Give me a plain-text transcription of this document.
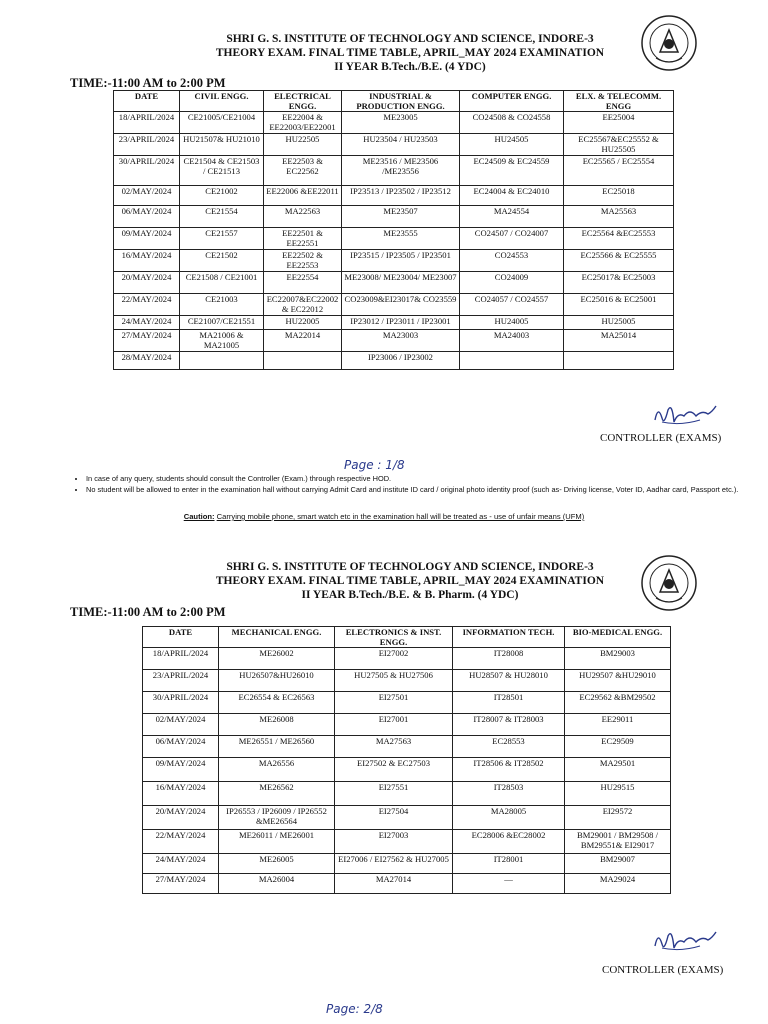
SHRI G. S. INSTITUTE OF TECHNOLOGY AND SCIENCE, INDORE-3
THEORY EXAM. FINAL TIME TABLE, APRIL_MAY 2024 EXAMINATION
II YEAR B.Tech./B.E. (4 YDC)
TIME:-11:00 AM to 2:00 PM
DATE	CIVIL ENGG.	ELECTRICAL ENGG.	INDUSTRIAL & PRODUCTION ENGG.	COMPUTER ENGG.	ELX. & TELECOMM. ENGG
18/APRIL/2024	CE21005/CE21004	EE22004 & EE22003/EE22001	ME23005	CO24508 & CO24558	EE25004
23/APRIL/2024	HU21507& HU21010	HU22505	HU23504 / HU23503	HU24505	EC25567&EC25552 & HU25505
30/APRIL/2024	CE21504 & CE21503 / CE21513	EE22503 & EC22562	ME23516 / ME23506 /ME23556	EC24509 & EC24559	EC25565 / EC25554
02/MAY/2024	CE21002	EE22006 &EE22011	IP23513 / IP23502 / IP23512	EC24004 & EC24010	EC25018
06/MAY/2024	CE21554	MA22563	ME23507	MA24554	MA25563
09/MAY/2024	CE21557	EE22501 & EE22551	ME23555	CO24507 / CO24007	EC25564 &EC25553
16/MAY/2024	CE21502	EE22502 & EE22553	IP23515 / IP23505 / IP23501	CO24553	EC25566 & EC25555
20/MAY/2024	CE21508 / CE21001	EE22554	ME23008/ ME23004/ ME23007	CO24009	EC25017& EC25003
22/MAY/2024	CE21003	EC22007&EC22002 & EC22012	CO23009&EI23017& CO23559	CO24057 / CO24557	EC25016 & EC25001
24/MAY/2024	CE21007/CE21551	HU22005	IP23012 / IP23011 / IP23001	HU24005	HU25005
27/MAY/2024	MA21006 & MA21005	MA22014	MA23003	MA24003	MA25014
28/MAY/2024			IP23006 / IP23002		
CONTROLLER (EXAMS)
Page : 1/8
• In case of any query, students should consult the Controller (Exam.) through respective HOD.
• No student will be allowed to enter in the examination hall without carrying Admit Card and institute ID card / original photo identity proof (such as- Driving license, Voter ID, Aadhar card, Passport etc.).
Caution: Carrying mobile phone, smart watch etc in the examination hall will be treated as - use of unfair means (UFM)
SHRI G. S. INSTITUTE OF TECHNOLOGY AND SCIENCE, INDORE-3
THEORY EXAM. FINAL TIME TABLE, APRIL_MAY 2024 EXAMINATION
II YEAR B.Tech./B.E. & B. Pharm. (4 YDC)
TIME:-11:00 AM to 2:00 PM
DATE	MECHANICAL ENGG.	ELECTRONICS & INST. ENGG.	INFORMATION TECH.	BIO-MEDICAL ENGG.
18/APRIL/2024	ME26002	EI27002	IT28008	BM29003
23/APRIL/2024	HU26507&HU26010	HU27505 & HU27506	HU28507 & HU28010	HU29507 &HU29010
30/APRIL/2024	EC26554 & EC26563	EI27501	IT28501	EC29562 &BM29502
02/MAY/2024	ME26008	EI27001	IT28007 & IT28003	EE29011
06/MAY/2024	ME26551 / ME26560	MA27563	EC28553	EC29509
09/MAY/2024	MA26556	EI27502 & EC27503	IT28506 & IT28502	MA29501
16/MAY/2024	ME26562	EI27551	IT28503	HU29515
20/MAY/2024	IP26553 / IP26009 / IP26552 &ME26564	EI27504	MA28005	EI29572
22/MAY/2024	ME26011 / ME26001	EI27003	EC28006 &EC28002	BM29001 / BM29508 / BM29551& EI29017
24/MAY/2024	ME26005	EI27006 / EI27562 & HU27005	IT28001	BM29007
27/MAY/2024	MA26004	MA27014	—	MA29024
CONTROLLER (EXAMS)
Page: 2/8
